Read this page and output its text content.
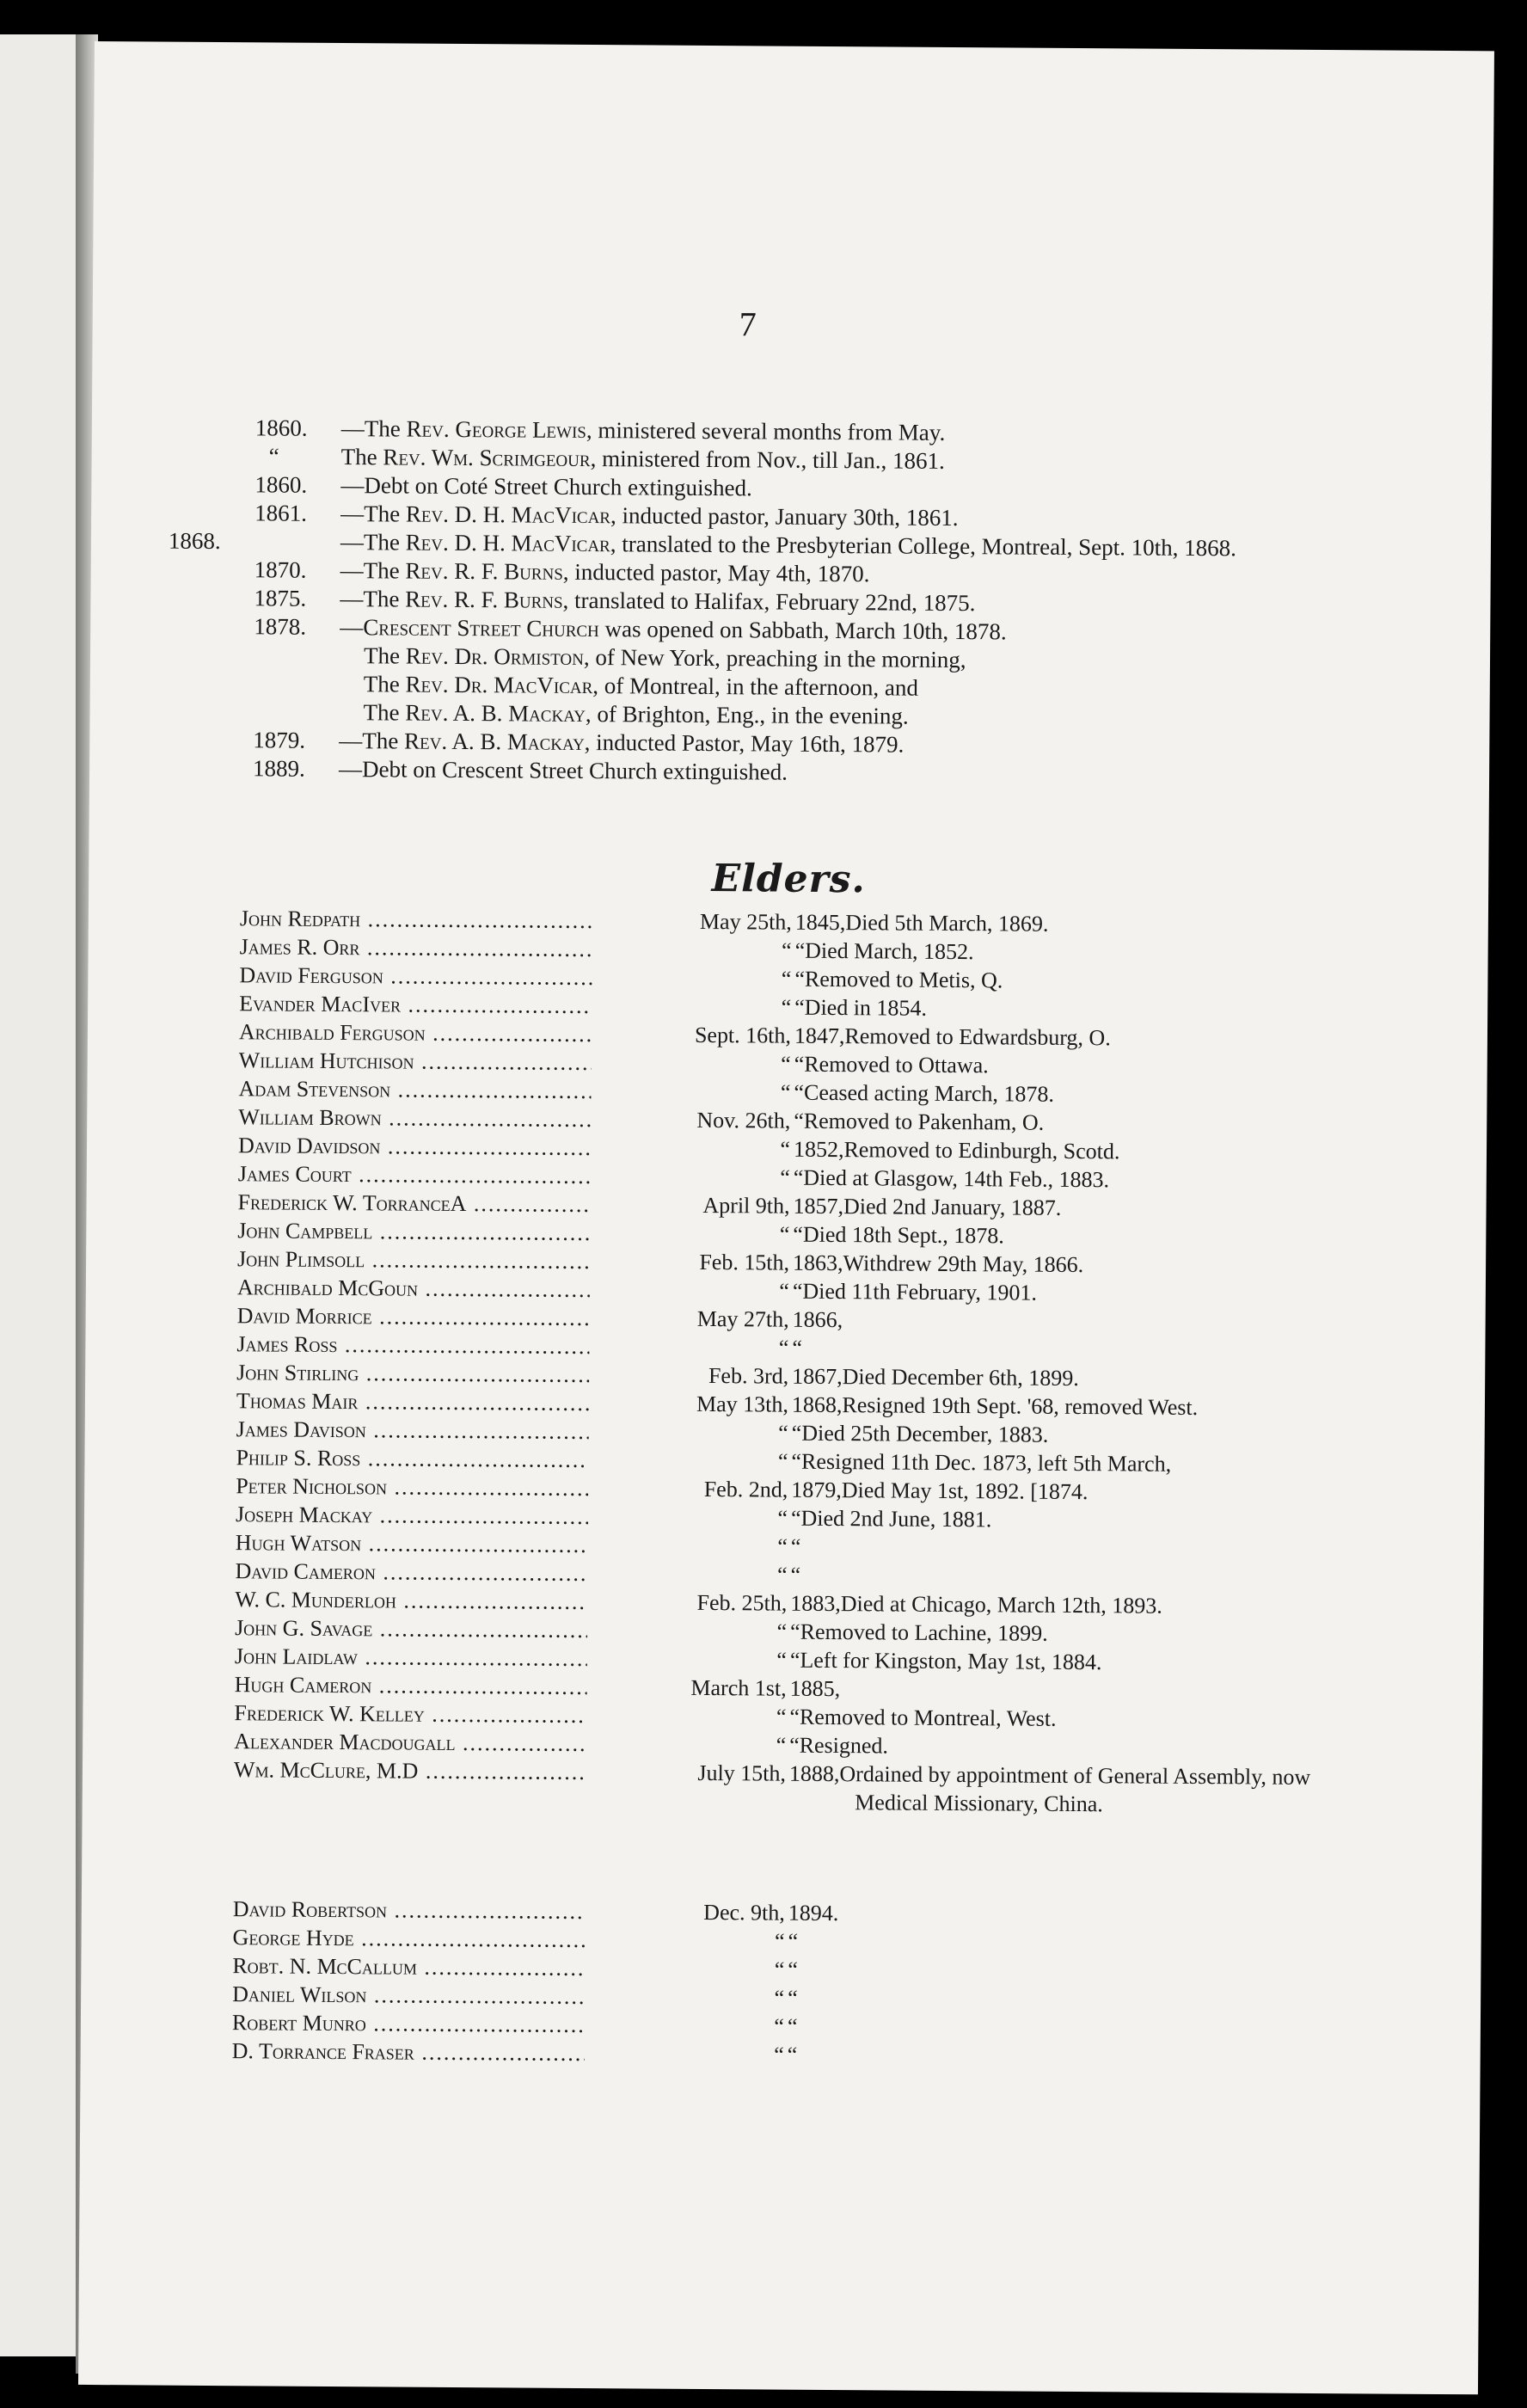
7
1860. —The Rev. George Lewis, ministered several months from May.
“	The Rev. Wm. Scrimgeour, ministered from Nov., till Jan., 1861.
1860. —Debt on Coté Street Church extinguished.
1861. —The Rev. D. H. MacVicar, inducted pastor, January 30th, 1861.
1868.	—The Rev. D. H. MacVicar, translated to the Presbyterian College, Montreal, Sept. 10th, 1868.
1870. —The Rev. R. F. Burns, inducted pastor, May 4th, 1870.
1875. —The Rev. R. F. Burns, translated to Halifax, February 22nd, 1875.
1878. —Crescent Street Church was opened on Sabbath, March 10th, 1878.
The Rev. Dr. Ormiston, of New York, preaching in the morning,
The Rev. Dr. MacVicar, of Montreal, in the afternoon, and
The Rev. A. B. Mackay, of Brighton, Eng., in the evening.
1879. —The Rev. A. B. Mackay, inducted Pastor, May 16th, 1879.
1889. —Debt on Crescent Street Church extinguished.
Elders.
John Redpath .....	May 25th, 1845, Died 5th March, 1869.
James R. Orr .....	“ “ Died March, 1852.
David Ferguson .....	“ “ Removed to Metis, Q.
Evander MacIver .....	“ “ Died in 1854.
Archibald Ferguson .....	Sept. 16th, 1847, Removed to Edwardsburg, O.
William Hutchison .....	“ “ Removed to Ottawa.
Adam Stevenson .....	“ “ Ceased acting March, 1878.
William Brown .....	Nov. 26th, “ Removed to Pakenham, O.
David Davidson .....	“ 1852, Removed to Edinburgh, Scotd.
James Court .....	“ “ Died at Glasgow, 14th Feb., 1883.
Frederick W. TorranceA .....	April 9th, 1857, Died 2nd January, 1887.
John Campbell .....	“ “ Died 18th Sept., 1878.
John Plimsoll .....	Feb. 15th, 1863, Withdrew 29th May, 1866.
Archibald McGoun .....	“ “ Died 11th February, 1901.
David Morrice .....	May 27th, 1866,
James Ross .....	“ “
John Stirling .....	Feb. 3rd, 1867, Died December 6th, 1899.
Thomas Mair .....	May 13th, 1868, Resigned 19th Sept. '68, removed West.
James Davison .....	“ “ Died 25th December, 1883.
Philip S. Ross .....	“ “ Resigned 11th Dec. 1873, left 5th March,
Peter Nicholson .....	Feb. 2nd, 1879, Died May 1st, 1892. [1874.
Joseph Mackay .....	“ “ Died 2nd June, 1881.
Hugh Watson .....	“ “
David Cameron .....	“ “
W. C. Munderloh .....	Feb. 25th, 1883, Died at Chicago, March 12th, 1893.
John G. Savage .....	“ “ Removed to Lachine, 1899.
John Laidlaw .....	“ “ Left for Kingston, May 1st, 1884.
Hugh Cameron .....	March 1st, 1885,
Frederick W. Kelley .....	“ “ Removed to Montreal, West.
Alexander Macdougall .....	“ “ Resigned.
Wm. McClure, M.D .....	July 15th, 1888, Ordained by appointment of General Assembly, now Medical Missionary, China.
David Robertson .....	Dec. 9th, 1894.
George Hyde .....	“ “
Robt. N. McCallum .....	“ “
Daniel Wilson .....	“ “
Robert Munro .....	“ “
D. Torrance Fraser .....	“ “
